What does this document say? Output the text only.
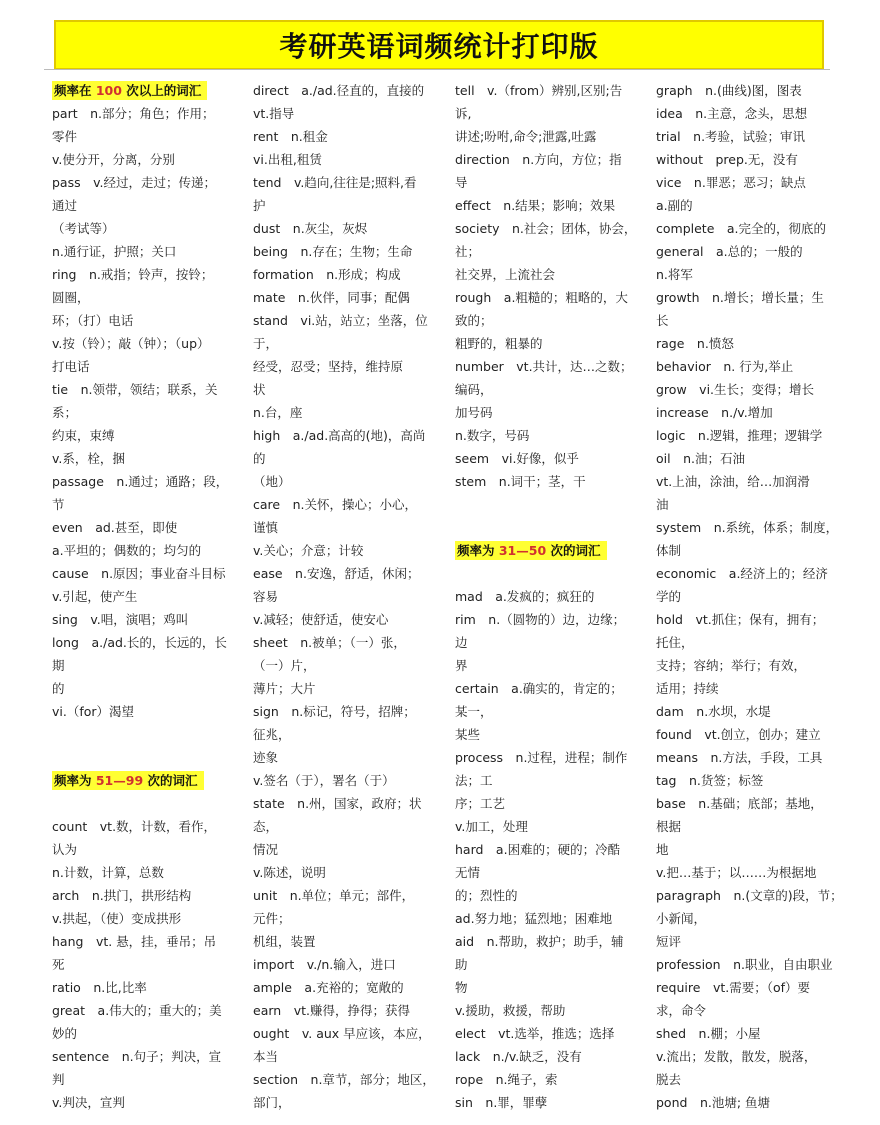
考研英语词频统计打印版
频率在 100 次以上的词汇
part　n.部分；角色；作用；
零件
v.使分开，分离，分别
pass　v.经过，走过；传递；
通过
（考试等）
n.通行证，护照；关口
ring　n.戒指；铃声，按铃；
圆圈，
环；（打）电话
v.按（铃）；敲（钟）；（up）
打电话
tie　n.领带，领结；联系，关
系；
约束，束缚
v.系，栓，捆
passage　n.通过；通路；段，
节
even　ad.甚至，即使
a.平坦的；偶数的；均匀的
cause　n.原因；事业奋斗目标
v.引起，使产生
sing　v.唱，演唱；鸡叫
long　a./ad.长的，长远的，长
期
的
vi.（for）渴望
频率为 51—99 次的词汇
count　vt.数，计数，看作，
认为
n.计数，计算，总数
arch　n.拱门，拱形结构
v.拱起，（使）变成拱形
hang　vt. 悬，挂，垂吊；吊
死
ratio　n.比,比率
great　a.伟大的；重大的；美
妙的
sentence　n.句子；判决，宣
判
v.判决，宣判
direct　a./ad.径直的，直接的
vt.指导
rent　n.租金
vi.出租,租赁
tend　v.趋向,往往是;照料,看
护
dust　n.灰尘，灰烬
being　n.存在；生物；生命
formation　n.形成；构成
mate　n.伙伴，同事；配偶
stand　vi.站，站立；坐落，位
于，
经受，忍受；坚持，维持原
状
n.台，座
high　a./ad.高高的(地)，高尚
的
（地）
care　n.关怀，操心；小心，
谨慎
v.关心；介意；计较
ease　n.安逸，舒适，休闲；
容易
v.减轻；使舒适，使安心
sheet　n.被单；（一）张，
（一）片，
薄片；大片
sign　n.标记，符号，招牌；
征兆，
迹象
v.签名（于），署名（于）
state　n.州，国家，政府；状
态，
情况
v.陈述，说明
unit　n.单位；单元；部件，
元件；
机组，装置
import　v./n.输入，进口
ample　a.充裕的；宽敞的
earn　vt.赚得，挣得；获得
ought　v. aux 早应该，本应，
本当
section　n.章节，部分；地区，
部门，
tell　v.（from）辨别,区别;告
诉,
讲述;吩咐,命令;泄露,吐露
direction　n.方向，方位；指
导
effect　n.结果；影响；效果
society　n.社会；团体，协会，
社；
社交界，上流社会
rough　a.粗糙的；粗略的，大
致的；
粗野的，粗暴的
number　vt.共计，达…之数；
编码，
加号码
n.数字，号码
seem　vi.好像，似乎
stem　n.词干；茎，干
频率为 31—50 次的词汇
mad　a.发疯的；疯狂的
rim　n.（圆物的）边，边缘；
边
界
certain　a.确实的，肯定的；
某一，
某些
process　n.过程，进程；制作
法；工
序；工艺
v.加工，处理
hard　a.困难的；硬的；冷酷
无情
的；烈性的
ad.努力地；猛烈地；困难地
aid　n.帮助，救护；助手，辅
助
物
v.援助，救援，帮助
elect　vt.选举，推选；选择
lack　n./v.缺乏，没有
rope　n.绳子，索
sin　n.罪，罪孽
graph　n.(曲线)图，图表
idea　n.主意，念头，思想
trial　n.考验，试验；审讯
without　prep.无，没有
vice　n.罪恶；恶习；缺点
a.副的
complete　a.完全的，彻底的
general　a.总的；一般的
n.将军
growth　n.增长；增长量；生
长
rage　n.愤怒
behavior　n. 行为,举止
grow　vi.生长；变得；增长
increase　n./v.增加
logic　n.逻辑，推理；逻辑学
oil　n.油；石油
vt.上油，涂油，给…加润滑
油
system　n.系统，体系；制度，
体制
economic　a.经济上的；经济
学的
hold　vt.抓住；保有，拥有；
托住，
支持；容纳；举行；有效，
适用；持续
dam　n.水坝，水堤
found　vt.创立，创办；建立
means　n.方法，手段，工具
tag　n.货签；标签
base　n.基础；底部；基地，
根据
地
v.把…基于；以……为根据地
paragraph　n.(文章的)段，节；
小新闻，
短评
profession　n.职业，自由职业
require　vt.需要；（of）要
求，命令
shed　n.棚；小屋
v.流出；发散，散发，脱落，
脱去
pond　n.池塘; 鱼塘
